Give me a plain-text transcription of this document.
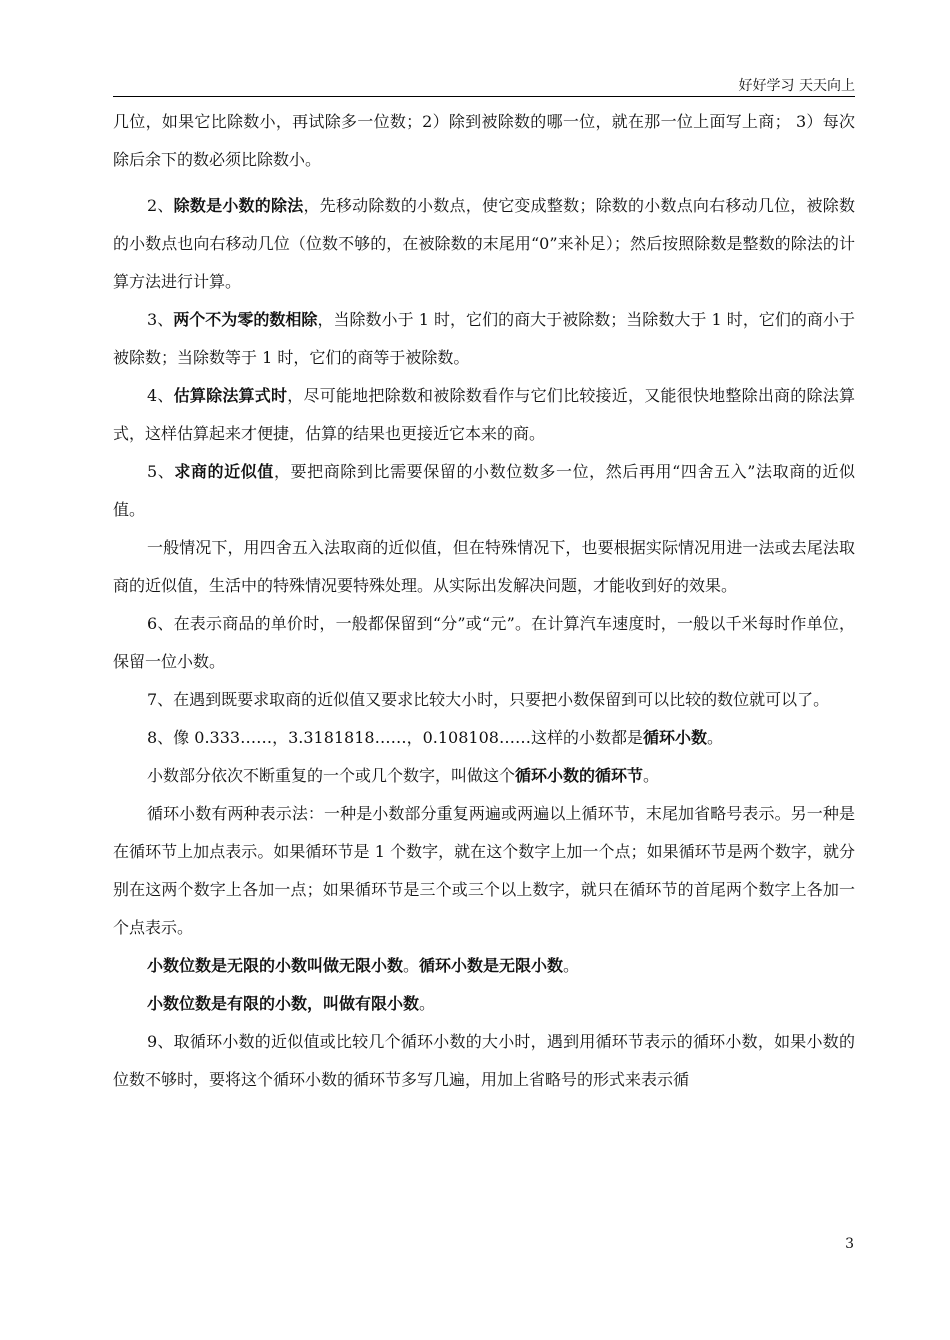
好好学习 天天向上

几位，如果它比除数小，再试除多一位数；2）除到被除数的哪一位，就在那一位上面写上商； 3）每次除后余下的数必须比除数小。

2、除数是小数的除法，先移动除数的小数点，使它变成整数；除数的小数点向右移动几位，被除数的小数点也向右移动几位（位数不够的，在被除数的末尾用“0”来补足）；然后按照除数是整数的除法的计算方法进行计算。

3、两个不为零的数相除，当除数小于 1 时，它们的商大于被除数；当除数大于 1 时，它们的商小于被除数；当除数等于 1 时，它们的商等于被除数。

4、估算除法算式时，尽可能地把除数和被除数看作与它们比较接近，又能很快地整除出商的除法算式，这样估算起来才便捷，估算的结果也更接近它本来的商。

5、求商的近似值，要把商除到比需要保留的小数位数多一位，然后再用“四舍五入”法取商的近似值。

一般情况下，用四舍五入法取商的近似值，但在特殊情况下，也要根据实际情况用进一法或去尾法取商的近似值，生活中的特殊情况要特殊处理。从实际出发解决问题，才能收到好的效果。

6、在表示商品的单价时，一般都保留到“分”或“元”。在计算汽车速度时，一般以千米每时作单位，保留一位小数。

7、在遇到既要求取商的近似值又要求比较大小时，只要把小数保留到可以比较的数位就可以了。

8、像 0.333……，3.3181818……，0.108108……这样的小数都是循环小数。

小数部分依次不断重复的一个或几个数字，叫做这个循环小数的循环节。

循环小数有两种表示法：一种是小数部分重复两遍或两遍以上循环节，末尾加省略号表示。另一种是在循环节上加点表示。如果循环节是 1 个数字，就在这个数字上加一个点；如果循环节是两个数字，就分别在这两个数字上各加一点；如果循环节是三个或三个以上数字，就只在循环节的首尾两个数字上各加一个点表示。

小数位数是无限的小数叫做无限小数。循环小数是无限小数。

小数位数是有限的小数，叫做有限小数。

9、取循环小数的近似值或比较几个循环小数的大小时，遇到用循环节表示的循环小数，如果小数的位数不够时，要将这个循环小数的循环节多写几遍，用加上省略号的形式来表示循

3
